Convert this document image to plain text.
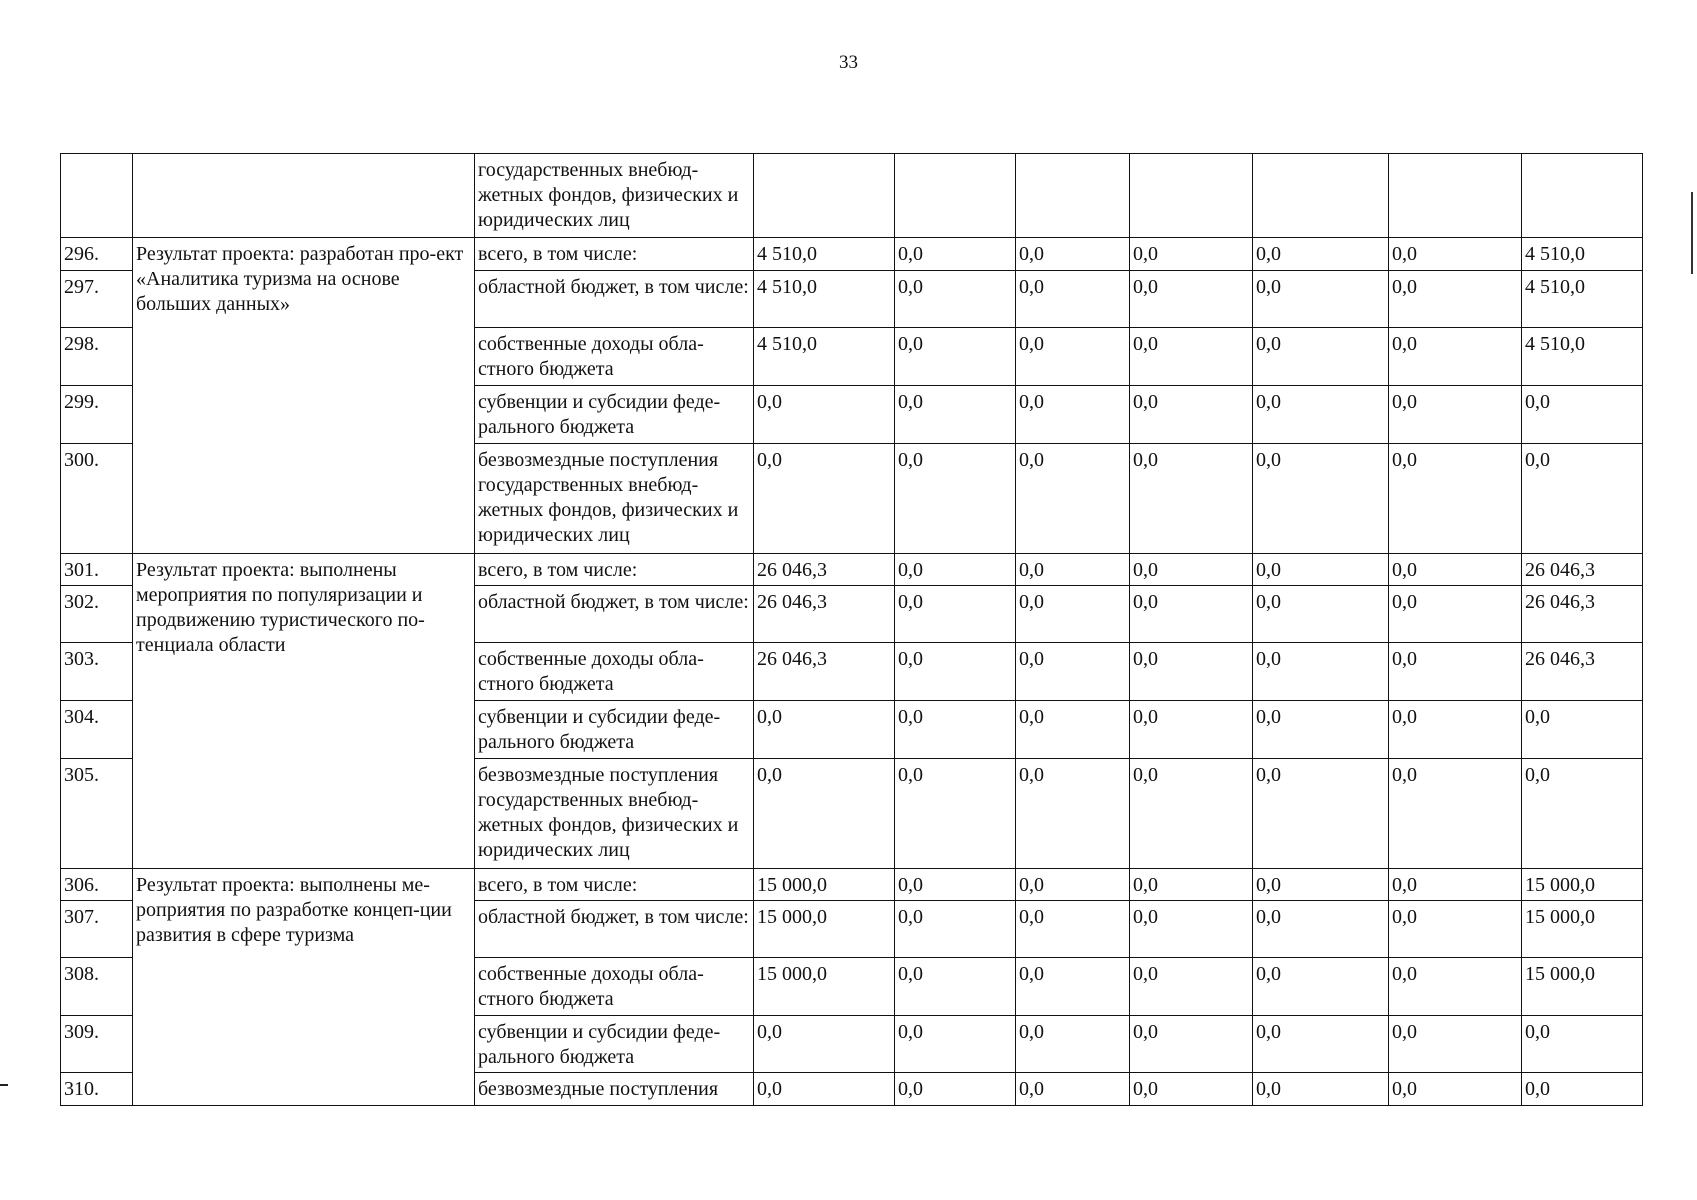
33
		государственных внебюд-жетных фондов, физических и юридических лиц							
296.	Результат проекта: разработан про-ект «Аналитика туризма на основе больших данных»	всего, в том числе:	4 510,0	0,0	0,0	0,0	0,0	0,0	4 510,0
297.		областной бюджет, в том числе:	4 510,0	0,0	0,0	0,0	0,0	0,0	4 510,0
298.		собственные доходы обла-стного бюджета	4 510,0	0,0	0,0	0,0	0,0	0,0	4 510,0
299.		субвенции и субсидии феде-рального бюджета	0,0	0,0	0,0	0,0	0,0	0,0	0,0
300.		безвозмездные поступления государственных внебюд-жетных фондов, физических и юридических лиц	0,0	0,0	0,0	0,0	0,0	0,0	0,0
301.	Результат проекта: выполнены мероприятия по популяризации и продвижению туристического по-тенциала области	всего, в том числе:	26 046,3	0,0	0,0	0,0	0,0	0,0	26 046,3
302.		областной бюджет, в том числе:	26 046,3	0,0	0,0	0,0	0,0	0,0	26 046,3
303.		собственные доходы обла-стного бюджета	26 046,3	0,0	0,0	0,0	0,0	0,0	26 046,3
304.		субвенции и субсидии феде-рального бюджета	0,0	0,0	0,0	0,0	0,0	0,0	0,0
305.		безвозмездные поступления государственных внебюд-жетных фондов, физических и юридических лиц	0,0	0,0	0,0	0,0	0,0	0,0	0,0
306.	Результат проекта: выполнены ме-роприятия по разработке концеп-ции развития в сфере туризма	всего, в том числе:	15 000,0	0,0	0,0	0,0	0,0	0,0	15 000,0
307.		областной бюджет, в том числе:	15 000,0	0,0	0,0	0,0	0,0	0,0	15 000,0
308.		собственные доходы обла-стного бюджета	15 000,0	0,0	0,0	0,0	0,0	0,0	15 000,0
309.		субвенции и субсидии феде-рального бюджета	0,0	0,0	0,0	0,0	0,0	0,0	0,0
310.		безвозмездные поступления	0,0	0,0	0,0	0,0	0,0	0,0	0,0
